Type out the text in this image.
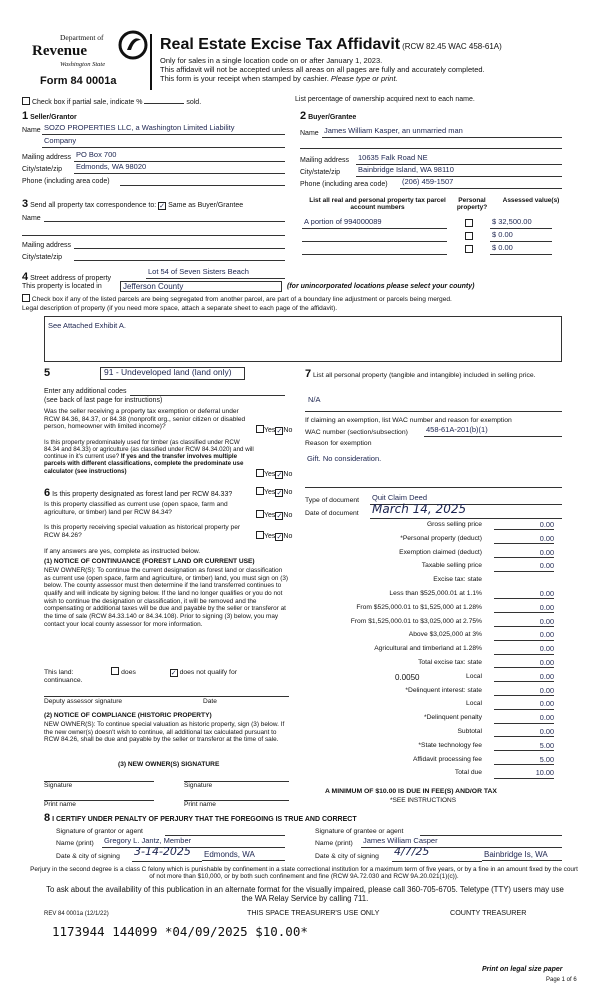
Department of
Revenue
Washington State
Form 84 0001a
Real Estate Excise Tax Affidavit (RCW 82.45 WAC 458-61A)
Only for sales in a single location code on or after January 1, 2023.
This affidavit will not be accepted unless all areas on all pages are fully and accurately completed.
This form is your receipt when stamped by cashier. Please type or print.
Check box if partial sale, indicate %	sold.	List percentage of ownership acquired next to each name.
1 Seller/Grantor
Name SOZO PROPERTIES LLC, a Washington Limited Liability
Company
Mailing address PO Box 700
City/state/zip Edmonds, WA 98020
Phone (including area code)
2 Buyer/Grantee
Name James William Kasper, an unmarried man
Mailing address 10635 Falk Road NE
City/state/zip Bainbridge Island, WA 98110
Phone (including area code) (206) 459-1507
3 Send all property tax correspondence to: ✓ Same as Buyer/Grantee
Name
Mailing address
City/state/zip
List all real and personal property tax parcel account numbers
Personal property?
Assessed value(s)
A portion of 994000089	$ 32,500.00
$ 0.00
$ 0.00
4 Street address of property
Lot 54 of Seven Sisters Beach
This property is located in	Jefferson County	(for unincorporated locations please select your county)
Check box if any of the listed parcels are being segregated from another parcel, are part of a boundary line adjustment or parcels being merged.
Legal description of property (if you need more space, attach a separate sheet to each page of the affidavit).
See Attached Exhibit A.
5	91 - Undeveloped land (land only)
Enter any additional codes
(see back of last page for instructions)
Was the seller receiving a property tax exemption or deferral under RCW 84.36, 84.37, or 84.38 (nonprofit org., senior citizen or disabled person, homeowner with limited income)?
Yes✓No
Is this property predominately used for timber (as classified under RCW 84.34 and 84.33) or agriculture (as classified under RCW 84.34.020) and will continue in it's current use? If yes and the transfer involves multiple parcels with different classifications, complete the predominate use calculator (see instructions)	Yes✓No
6 Is this property designated as forest land per RCW 84.33?	Yes✓No
Is this property classified as current use (open space, farm and agriculture, or timber) land per RCW 84.34?	Yes✓No
Is this property receiving special valuation as historical property per RCW 84.26?	Yes✓No
If any answers are yes, complete as instructed below.
(1) NOTICE OF CONTINUANCE (FOREST LAND OR CURRENT USE)
NEW OWNER(S): To continue the current designation as forest land or classification as current use (open space, farm and agriculture, or timber) land, you must sign on (3) below. The county assessor must then determine if the land transferred continues to qualify and will indicate by signing below. If the land no longer qualifies or you do not wish to continue the designation or classification, it will be removed and the compensating or additional taxes will be due and payable by the seller or transferor at the time of sale (RCW 84.33.140 or 84.34.108). Prior to signing (3) below, you may contact your local county assessor for more information.
This land:	does	✓ does not qualify for
continuance.
Deputy assessor signature	Date
(2) NOTICE OF COMPLIANCE (HISTORIC PROPERTY)
NEW OWNER(S): To continue special valuation as historic property, sign (3) below. If the new owner(s) doesn't wish to continue, all additional tax calculated pursuant to RCW 84.26, shall be due and payable by the seller or transferor at the time of sale.
(3) NEW OWNER(S) SIGNATURE
Signature	Signature
Print name	Print name
7 List all personal property (tangible and intangible) included in selling price.
N/A
If claiming an exemption, list WAC number and reason for exemption
WAC number (section/subsection) 458-61A-201(b)(1)
Reason for exemption
Gift. No consideration.
Type of document Quit Claim Deed
Date of document March 14, 2025
Gross selling price	0.00
*Personal property (deduct)	0.00
Exemption claimed (deduct)	0.00
Taxable selling price	0.00
Excise tax: state
Less than $525,000.01 at 1.1%	0.00
From $525,000.01 to $1,525,000 at 1.28%	0.00
From $1,525,000.01 to $3,025,000 at 2.75%	0.00
Above $3,025,000 at 3%	0.00
Agricultural and timberland at 1.28%	0.00
Total excise tax: state	0.00
Local
0.0050	0.00
*Delinquent interest: state	0.00
Local	0.00
*Delinquent penalty	0.00
Subtotal	0.00
*State technology fee	5.00
Affidavit processing fee	5.00
Total due	10.00
A MINIMUM OF $10.00 IS DUE IN FEE(S) AND/OR TAX
*SEE INSTRUCTIONS
8 I CERTIFY UNDER PENALTY OF PERJURY THAT THE FOREGOING IS TRUE AND CORRECT
Signature of grantor or agent
Name (print) Gregory L. Jantz, Member
Date & city of signing 3-14-2025	Edmonds, WA
Signature of grantee or agent
Name (print) James William Casper
Date & city of signing 4/7/25	Bainbridge Is, WA
Perjury in the second degree is a class C felony which is punishable by confinement in a state correctional institution for a maximum term of five years, or by a fine in an amount fixed by the court of not more than $10,000, or by both such confinement and fine (RCW 9A.72.030 and RCW 9A.20.021(1)(c)).
To ask about the availability of this publication in an alternate format for the visually impaired, please call 360-705-6705. Teletype (TTY) users may use the WA Relay Service by calling 711.
REV 84 0001a (12/1/22)	THIS SPACE TREASURER'S USE ONLY	COUNTY TREASURER
1173944 144099 *04/09/2025 $10.00*
Print on legal size paper
Page 1 of 6
